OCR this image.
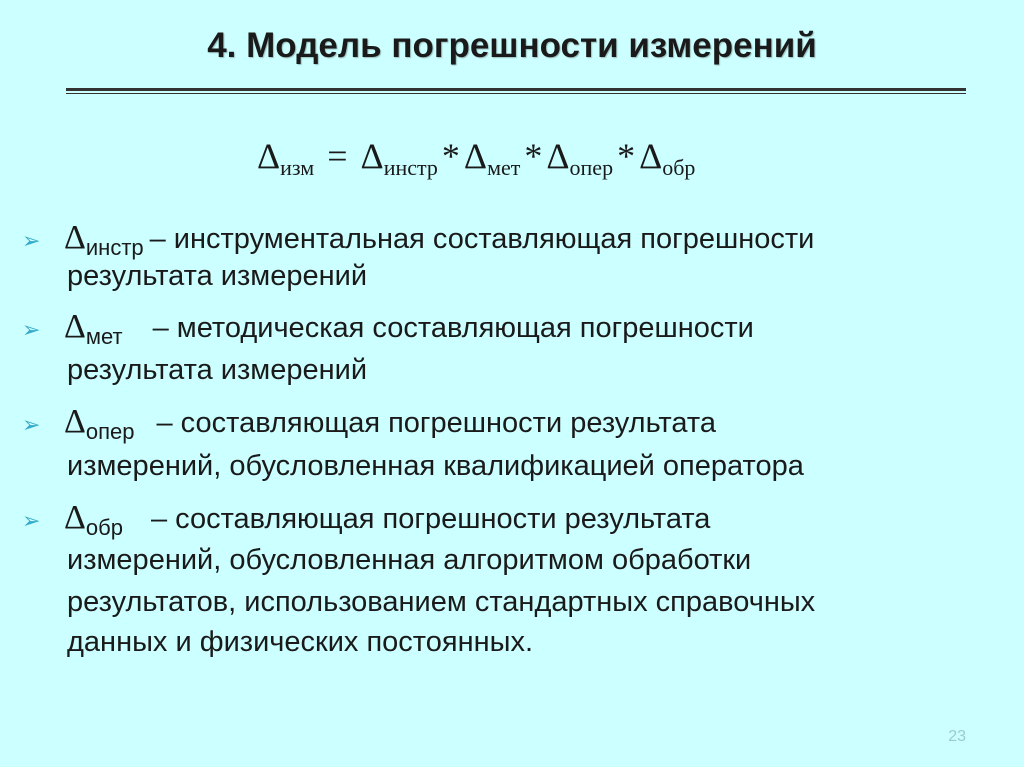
4. Модель погрешности измерений
$\Delta_{изм} = \Delta_{инстр} * \Delta_{мет} * \Delta_{опер} * \Delta_{обр}$
➢ $\Delta_{инстр}$ – инструментальная составляющая погрешности
результата измерений
➢ $\Delta_{мет}$ – методическая составляющая погрешности
результата измерений
➢ $\Delta_{опер}$ – составляющая погрешности результата
измерений, обусловленная квалификацией оператора
➢ $\Delta_{обр}$ – составляющая погрешности результата
измерений, обусловленная алгоритмом обработки
результатов, использованием стандартных справочных
данных и физических постоянных.
23
